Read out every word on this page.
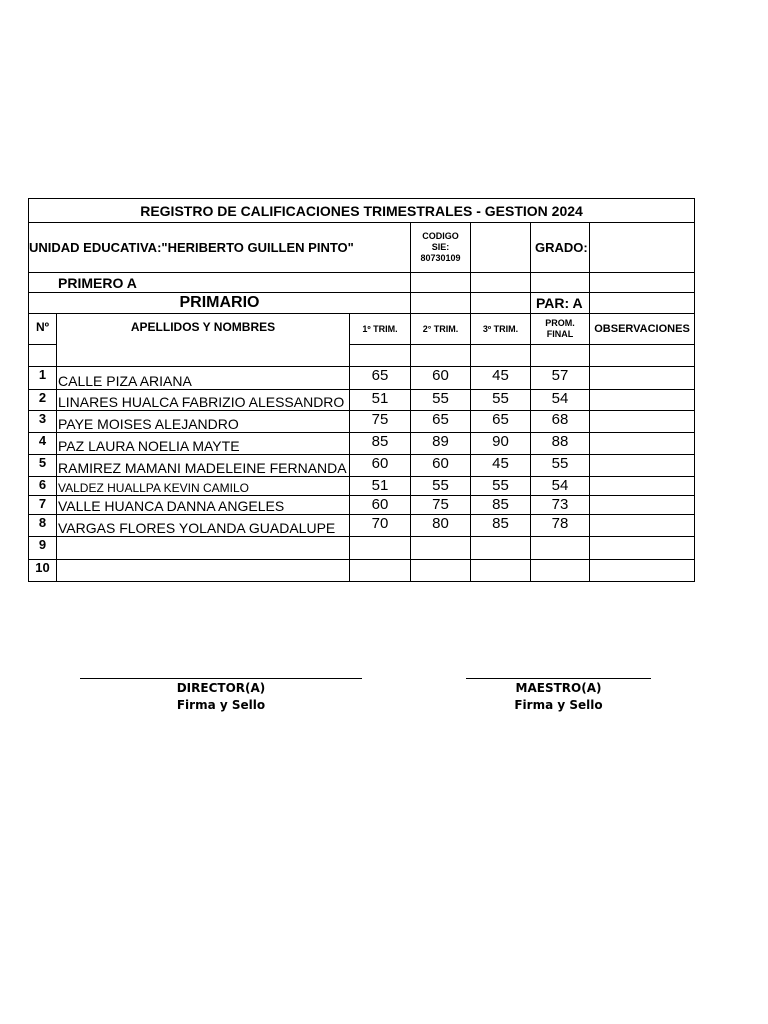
REGISTRO DE CALIFICACIONES TRIMESTRALES - GESTION 2024						
UNIDAD EDUCATIVA:"HERIBERTO GUILLEN PINTO"			CODIGO
SIE:
80730109		GRADO:	
PRIMERO A						
PRIMARIO					PAR: A	
Nº	APELLIDOS Y NOMBRES	1º TRIM.	2° TRIM.	3º TRIM.	PROM.
FINAL	OBSERVACIONES

1	CALLE PIZA ARIANA	65	60	45	57	
2	LINARES HUALCA FABRIZIO ALESSANDRO	51	55	55	54	
3	PAYE MOISES ALEJANDRO	75	65	65	68	
4	PAZ LAURA NOELIA MAYTE	85	89	90	88	
5	RAMIREZ MAMANI MADELEINE FERNANDA	60	60	45	55	
6	VALDEZ HUALLPA KEVIN CAMILO	51	55	55	54	
7	VALLE HUANCA DANNA ANGELES	60	75	85	73	
8	VARGAS FLORES YOLANDA GUADALUPE	70	80	85	78	
9						
10						
DIRECTOR(A)
Firma y Sello
MAESTRO(A)
Firma y Sello
